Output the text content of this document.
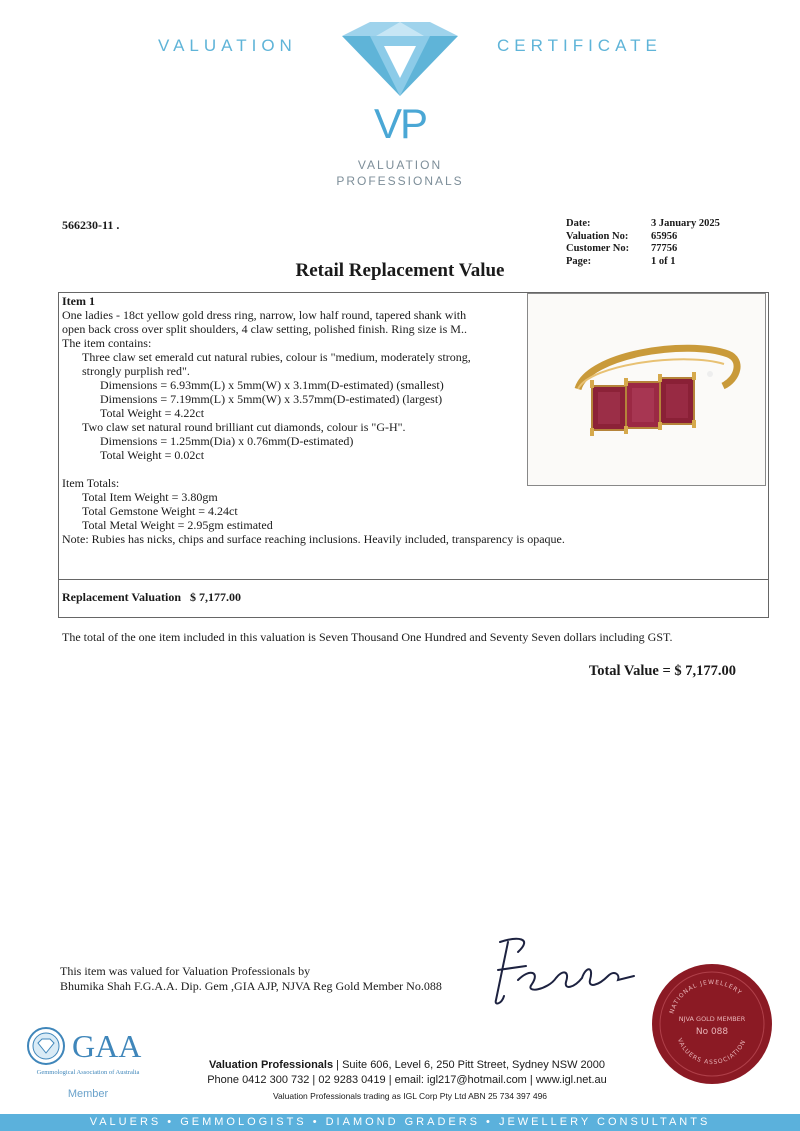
VALUATION	CERTIFICATE
VP
VALUATION
PROFESSIONALS
566230-11 .	Date:	3 January 2025
Valuation No:	65956
Customer No:	77756
Page:	1 of 1
Retail Replacement Value
Item 1
One ladies - 18ct yellow gold dress ring, narrow, low half round, tapered shank with
open back cross over split shoulders, 4 claw setting, polished finish. Ring size is M..
The item contains:
Three claw set emerald cut natural rubies, colour is "medium, moderately strong,
strongly purplish red".
Dimensions = 6.93mm(L) x 5mm(W) x 3.1mm(D-estimated) (smallest)
Dimensions = 7.19mm(L) x 5mm(W) x 3.57mm(D-estimated) (largest)
Total Weight = 4.22ct
Two claw set natural round brilliant cut diamonds, colour is "G-H".
Dimensions = 1.25mm(Dia) x 0.76mm(D-estimated)
Total Weight = 0.02ct
Item Totals:
Total Item Weight = 3.80gm
Total Gemstone Weight = 4.24ct
Total Metal Weight = 2.95gm estimated
Note: Rubies has nicks, chips and surface reaching inclusions. Heavily included, transparency is opaque.
Replacement Valuation $ 7,177.00
The total of the one item included in this valuation is Seven Thousand One Hundred and Seventy Seven dollars including GST.
Total Value = $ 7,177.00
This item was valued for Valuation Professionals by
Bhumika Shah F.G.A.A. Dip. Gem ,GIA AJP, NJVA Reg Gold Member No.088
NATIONAL JEWELLERY
NJVA GOLD MEMBER
No 088
VALUERS ASSOCIATION
GAA
Gemmological Association of Australia
Member
Valuation Professionals | Suite 606, Level 6, 250 Pitt Street, Sydney NSW 2000
Phone 0412 300 732 | 02 9283 0419 | email: igl217@hotmail.com | www.igl.net.au
Valuation Professionals trading as IGL Corp Pty Ltd ABN 25 734 397 496
VALUERS • GEMMOLOGISTS • DIAMOND GRADERS • JEWELLERY CONSULTANTS
